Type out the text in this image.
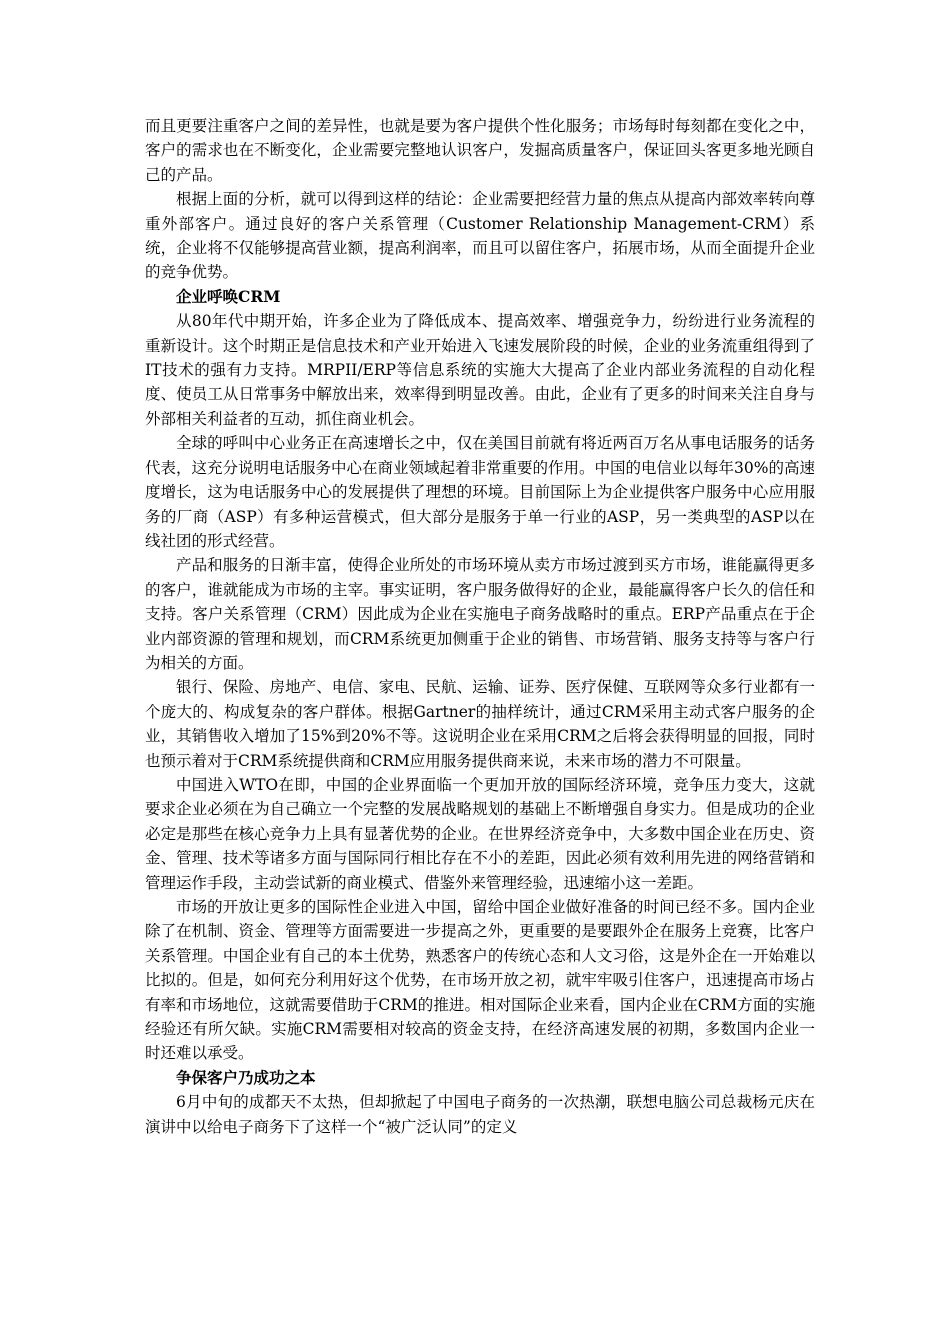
而且更要注重客户之间的差异性，也就是要为客户提供个性化服务；市场每时每刻都在变化之中，客户的需求也在不断变化，企业需要完整地认识客户，发掘高质量客户，保证回头客更多地光顾自己的产品。

根据上面的分析，就可以得到这样的结论：企业需要把经营力量的焦点从提高内部效率转向尊重外部客户。通过良好的客户关系管理（Customer Relationship Management-CRM）系统，企业将不仅能够提高营业额，提高利润率，而且可以留住客户，拓展市场，从而全面提升企业的竞争优势。

企业呼唤CRM

从80年代中期开始，许多企业为了降低成本、提高效率、增强竞争力，纷纷进行业务流程的重新设计。这个时期正是信息技术和产业开始进入飞速发展阶段的时候，企业的业务流重组得到了IT技术的强有力支持。MRPII/ERP等信息系统的实施大大提高了企业内部业务流程的自动化程度、使员工从日常事务中解放出来，效率得到明显改善。由此，企业有了更多的时间来关注自身与外部相关利益者的互动，抓住商业机会。

全球的呼叫中心业务正在高速增长之中，仅在美国目前就有将近两百万名从事电话服务的话务代表，这充分说明电话服务中心在商业领域起着非常重要的作用。中国的电信业以每年30%的高速度增长，这为电话服务中心的发展提供了理想的环境。目前国际上为企业提供客户服务中心应用服务的厂商（ASP）有多种运营模式，但大部分是服务于单一行业的ASP，另一类典型的ASP以在线社团的形式经营。

产品和服务的日渐丰富，使得企业所处的市场环境从卖方市场过渡到买方市场，谁能赢得更多的客户，谁就能成为市场的主宰。事实证明，客户服务做得好的企业，最能赢得客户长久的信任和支持。客户关系管理（CRM）因此成为企业在实施电子商务战略时的重点。ERP产品重点在于企业内部资源的管理和规划，而CRM系统更加侧重于企业的销售、市场营销、服务支持等与客户行为相关的方面。

银行、保险、房地产、电信、家电、民航、运输、证券、医疗保健、互联网等众多行业都有一个庞大的、构成复杂的客户群体。根据Gartner的抽样统计，通过CRM采用主动式客户服务的企业，其销售收入增加了15%到20%不等。这说明企业在采用CRM之后将会获得明显的回报，同时也预示着对于CRM系统提供商和CRM应用服务提供商来说，未来市场的潜力不可限量。

中国进入WTO在即，中国的企业界面临一个更加开放的国际经济环境，竞争压力变大，这就要求企业必须在为自己确立一个完整的发展战略规划的基础上不断增强自身实力。但是成功的企业必定是那些在核心竞争力上具有显著优势的企业。在世界经济竞争中，大多数中国企业在历史、资金、管理、技术等诸多方面与国际同行相比存在不小的差距，因此必须有效利用先进的网络营销和管理运作手段，主动尝试新的商业模式、借鉴外来管理经验，迅速缩小这一差距。

市场的开放让更多的国际性企业进入中国，留给中国企业做好准备的时间已经不多。国内企业除了在机制、资金、管理等方面需要进一步提高之外，更重要的是要跟外企在服务上竞赛，比客户关系管理。中国企业有自己的本土优势，熟悉客户的传统心态和人文习俗，这是外企在一开始难以比拟的。但是，如何充分利用好这个优势，在市场开放之初，就牢牢吸引住客户，迅速提高市场占有率和市场地位，这就需要借助于CRM的推进。相对国际企业来看，国内企业在CRM方面的实施经验还有所欠缺。实施CRM需要相对较高的资金支持，在经济高速发展的初期，多数国内企业一时还难以承受。

争保客户乃成功之本

6月中旬的成都天不太热，但却掀起了中国电子商务的一次热潮，联想电脑公司总裁杨元庆在演讲中以给电子商务下了这样一个“被广泛认同”的定义
